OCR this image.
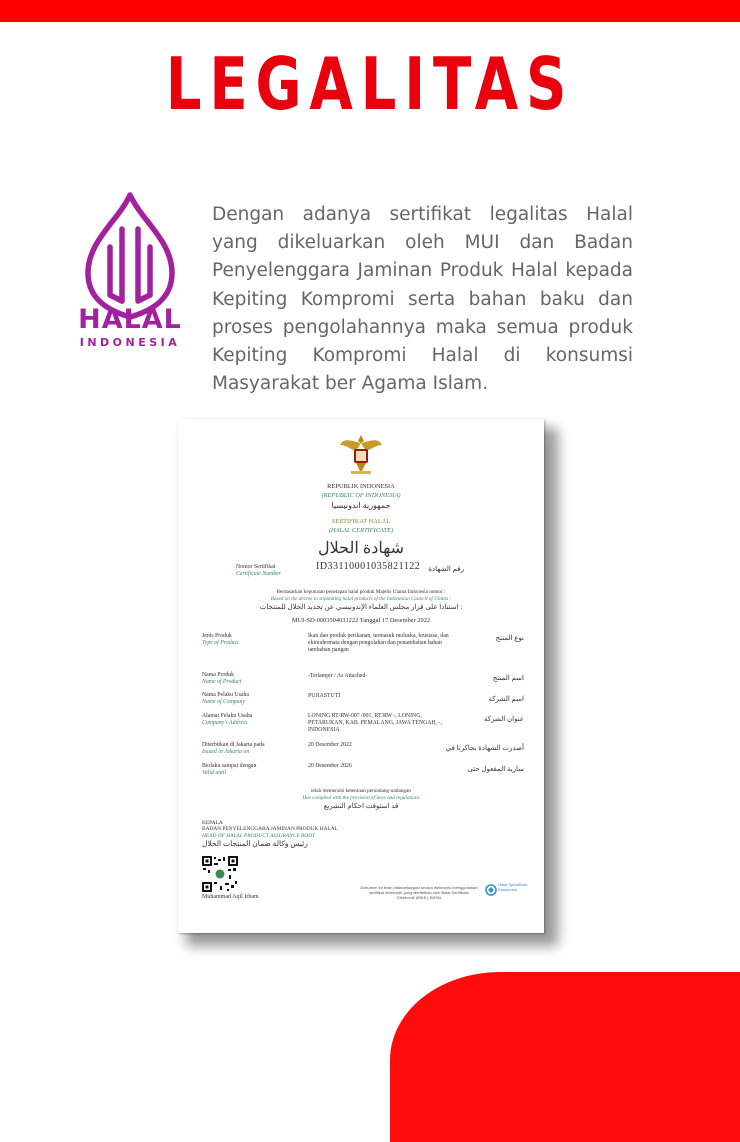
LEGALITAS
HALAL
INDONESIA
Dengan adanya sertifikat legalitas Halal yang dikeluarkan oleh MUI dan Badan Penyelenggara Jaminan Produk Halal kepada Kepiting Kompromi serta bahan baku dan proses pengolahannya maka semua produk Kepiting Kompromi Halal di konsumsi Masyarakat ber Agama Islam.
REPUBLIK INDONESIA
(REPUBLIC OF INDONESIA)
جمهورية اندونيسيا
SERTIFIKAT HALAL
(HALAL CERTIFICATE)
شهادة الحلال
Nomor Sertifikat
Certificate Number
ID33110001035821122 رقم الشهادة
Berdasarkan keputusan penetapan halal produk Majelis Ulama Indonesia nomor :
Based on the decree to stipulating halal products of the Indonesian Council of Ulama :
استنادا على قرار مجلس العلماء الإندونيسي عن تحديد الحلال للمنتجات :
MUI-SD-0003504031222 Tanggal 17 Desember 2022
Jenis Produk
Type of Product
Ikan dan produk perikanan, termasuk moluska, krustase, dan ekinodermata dengan pengolahan dan penambahan bahan tambahan pangan
نوع المنتج
Nama Produk
Name of Product
-Terlampir / As Attached-	اسم المنتج
Nama Pelaku Usaha
Name of Company
PUJIASTUTI	اسم الشركة
Alamat Pelaku Usaha
Company's Address
LONING RT/RW-007 /001, RT/RW -, LONING, PETARUKAN, KAB. PEMALANG, JAWA TENGAH, -, INDONESIA
عنوان الشركة
Diterbitkan di Jakarta pada
Issued in Jakarta on
20 Desember 2022	أصدرت الشهادة بجاكرتا في
Berlaku sampai dengan
Valid until
20 Desember 2026	سارية المفعول حتى
telah memenuhi ketentuan perundang-undangan
Has complied with the provision of laws and regulations
قد استوفت احكام التشريع
KEPALA
BADAN PENYELENGGARA JAMINAN PRODUK HALAL
HEAD OF HALAL PRODUCT ASSURANCE BODY
رئيس وكالة ضمان المنتجات الحلال
Muhammad Aqil Irham
Dokumen ini telah ditandatangani secara elektronik menggunakan sertifikat elektronik yang diterbitkan oleh Balai Sertifikasi Elektronik (BSrE), BSSN
Halal Spesifikasi Konsumen
